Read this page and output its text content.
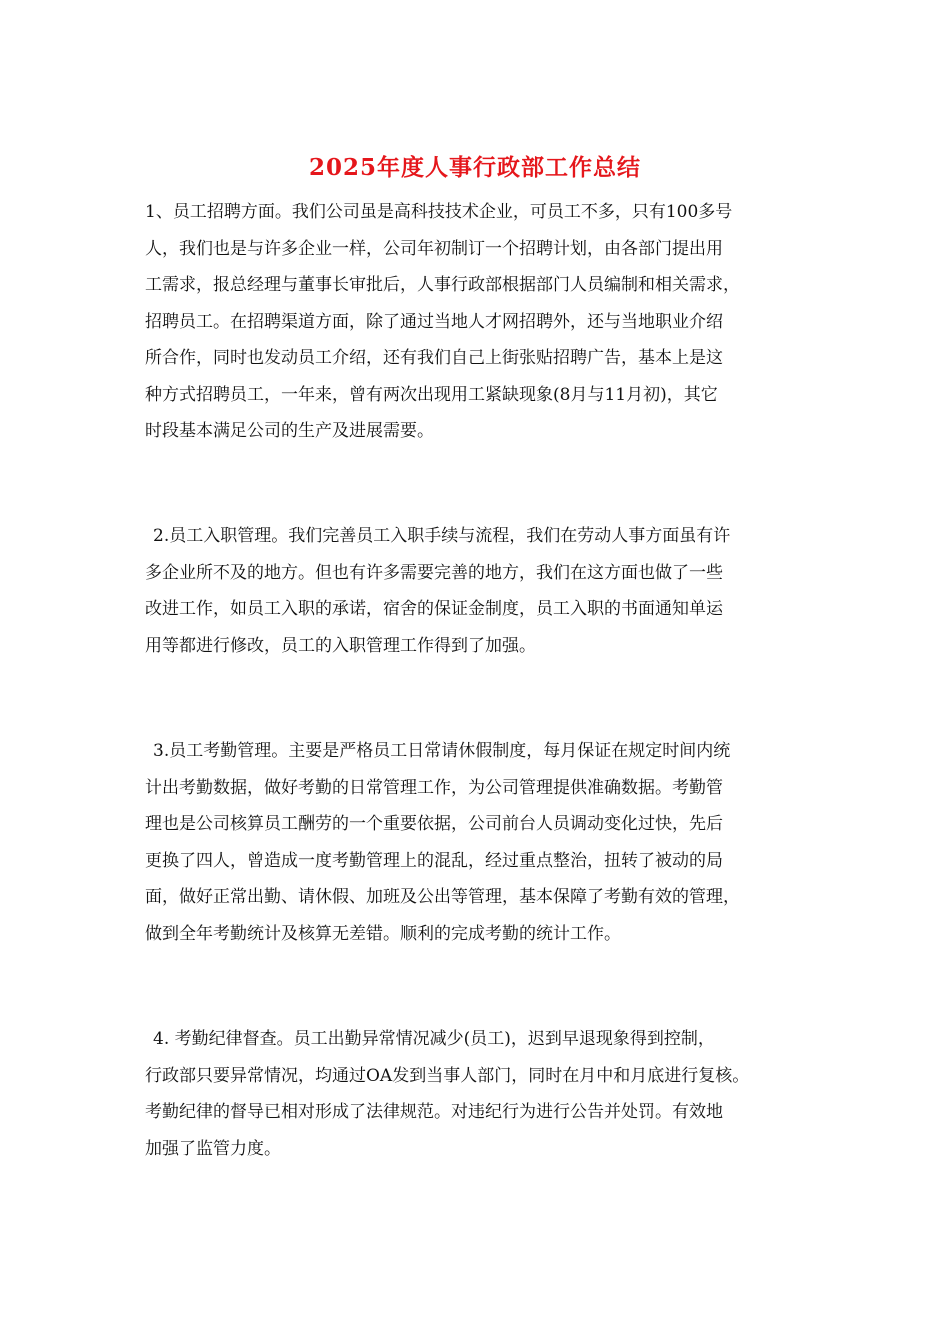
2025年度人事行政部工作总结
1、员工招聘方面。我们公司虽是高科技技术企业，可员工不多，只有100多号
人，我们也是与许多企业一样，公司年初制订一个招聘计划，由各部门提出用
工需求，报总经理与董事长审批后，人事行政部根据部门人员编制和相关需求，
招聘员工。在招聘渠道方面，除了通过当地人才网招聘外，还与当地职业介绍
所合作，同时也发动员工介绍，还有我们自己上街张贴招聘广告，基本上是这
种方式招聘员工，一年来，曾有两次出现用工紧缺现象(8月与11月初)，其它
时段基本满足公司的生产及进展需要。
2.员工入职管理。我们完善员工入职手续与流程，我们在劳动人事方面虽有许
多企业所不及的地方。但也有许多需要完善的地方，我们在这方面也做了一些
改进工作，如员工入职的承诺，宿舍的保证金制度，员工入职的书面通知单运
用等都进行修改，员工的入职管理工作得到了加强。
3.员工考勤管理。主要是严格员工日常请休假制度，每月保证在规定时间内统
计出考勤数据，做好考勤的日常管理工作，为公司管理提供准确数据。考勤管
理也是公司核算员工酬劳的一个重要依据，公司前台人员调动变化过快，先后
更换了四人，曾造成一度考勤管理上的混乱，经过重点整治，扭转了被动的局
面，做好正常出勤、请休假、加班及公出等管理，基本保障了考勤有效的管理，
做到全年考勤统计及核算无差错。顺利的完成考勤的统计工作。
4. 考勤纪律督查。员工出勤异常情况减少(员工)，迟到早退现象得到控制，
行政部只要异常情况，均通过OA发到当事人部门，同时在月中和月底进行复核。
考勤纪律的督导已相对形成了法律规范。对违纪行为进行公告并处罚。有效地
加强了监管力度。
